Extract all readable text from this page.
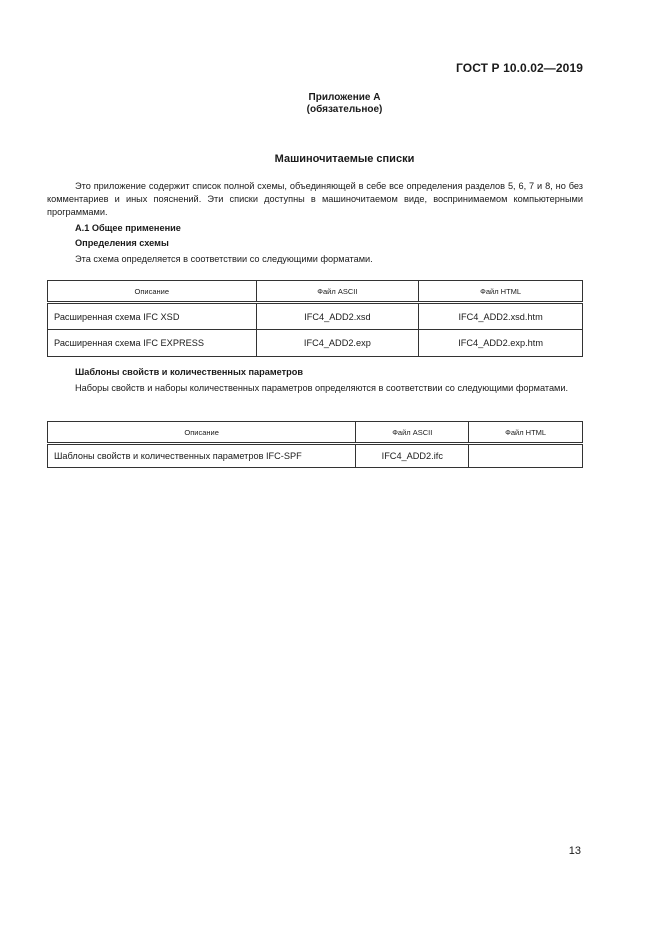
ГОСТ Р 10.0.02—2019
Приложение А
(обязательное)
Машиночитаемые списки
Это приложение содержит список полной схемы, объединяющей в себе все определения разделов 5, 6, 7 и 8, но без комментариев и иных пояснений. Эти списки доступны в машиночитаемом виде, воспринимаемом компьютерными программами.
А.1 Общее применение
Определения схемы
Эта схема определяется в соответствии со следующими форматами.
Описание	Файл ASCII	Файл HTML
Расширенная схема IFC XSD	IFC4_ADD2.xsd	IFC4_ADD2.xsd.htm
Расширенная схема IFC EXPRESS	IFC4_ADD2.exp	IFC4_ADD2.exp.htm
Шаблоны свойств и количественных параметров
Наборы свойств и наборы количественных параметров определяются в соответствии со следующими форматами.
Описание	Файл ASCII	Файл HTML
Шаблоны свойств и количественных параметров IFC-SPF	IFC4_ADD2.ifc	
13
